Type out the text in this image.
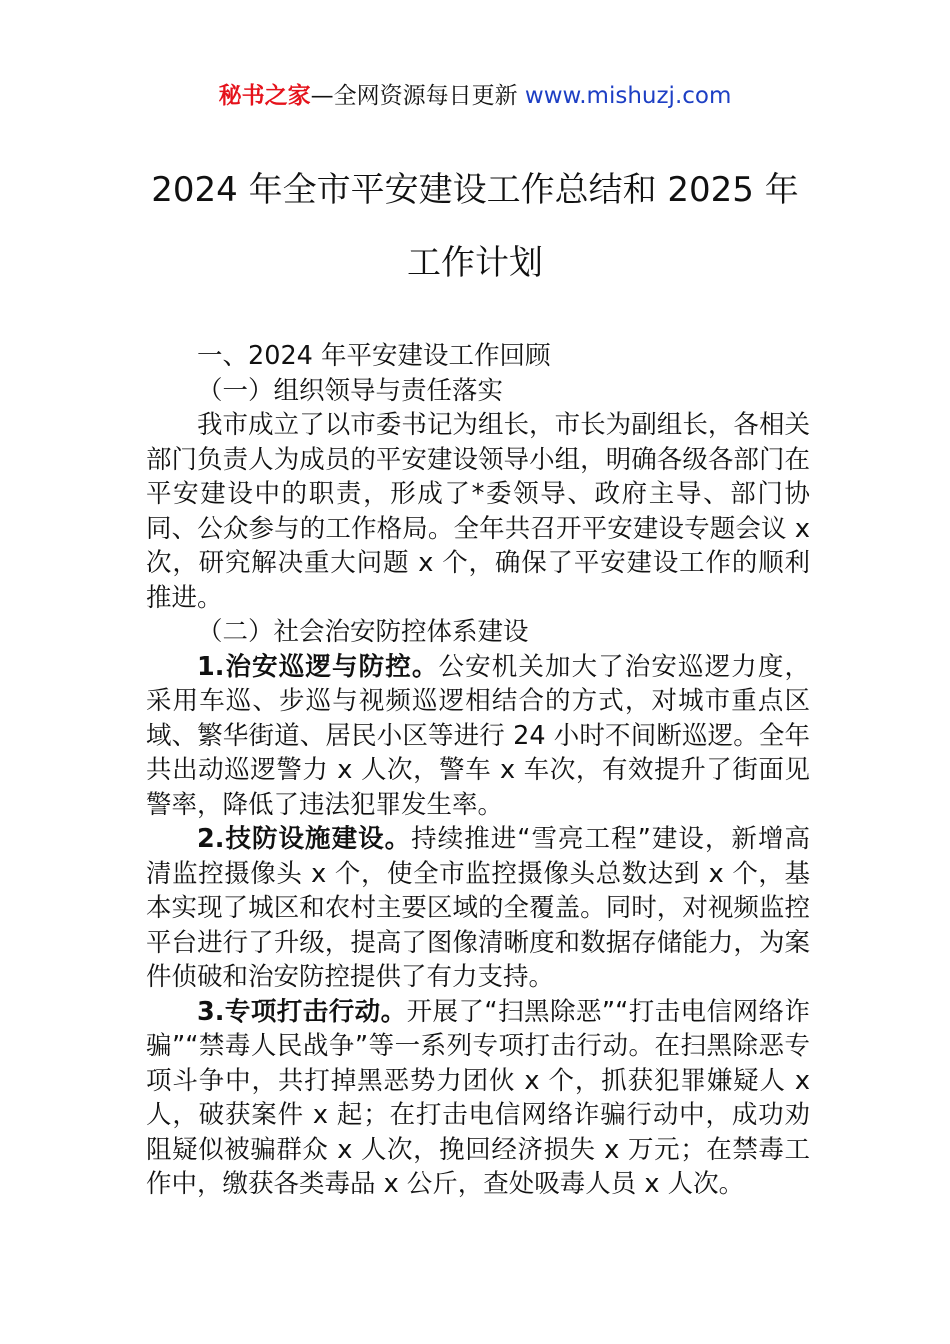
秘书之家—全网资源每日更新 www.mishuzj.com
2024 年全市平安建设工作总结和 2025 年
工作计划

一、2024 年平安建设工作回顾

（一）组织领导与责任落实

我市成立了以市委书记为组长，市长为副组长，各相关部门负责人为成员的平安建设领导小组，明确各级各部门在平安建设中的职责，形成了*委领导、政府主导、部门协同、公众参与的工作格局。全年共召开平安建设专题会议 x 次，研究解决重大问题 x 个，确保了平安建设工作的顺利推进。

（二）社会治安防控体系建设

1.治安巡逻与防控。公安机关加大了治安巡逻力度，采用车巡、步巡与视频巡逻相结合的方式，对城市重点区域、繁华街道、居民小区等进行 24 小时不间断巡逻。全年共出动巡逻警力 x 人次，警车 x 车次，有效提升了街面见警率，降低了违法犯罪发生率。

2.技防设施建设。持续推进“雪亮工程”建设，新增高清监控摄像头 x 个，使全市监控摄像头总数达到 x 个，基本实现了城区和农村主要区域的全覆盖。同时，对视频监控平台进行了升级，提高了图像清晰度和数据存储能力，为案件侦破和治安防控提供了有力支持。

3.专项打击行动。开展了“扫黑除恶”“打击电信网络诈骗”“禁毒人民战争”等一系列专项打击行动。在扫黑除恶专项斗争中，共打掉黑恶势力团伙 x 个，抓获犯罪嫌疑人 x 人，破获案件 x 起；在打击电信网络诈骗行动中，成功劝阻疑似被骗群众 x 人次，挽回经济损失 x 万元；在禁毒工作中，缴获各类毒品 x 公斤，查处吸毒人员 x 人次。
